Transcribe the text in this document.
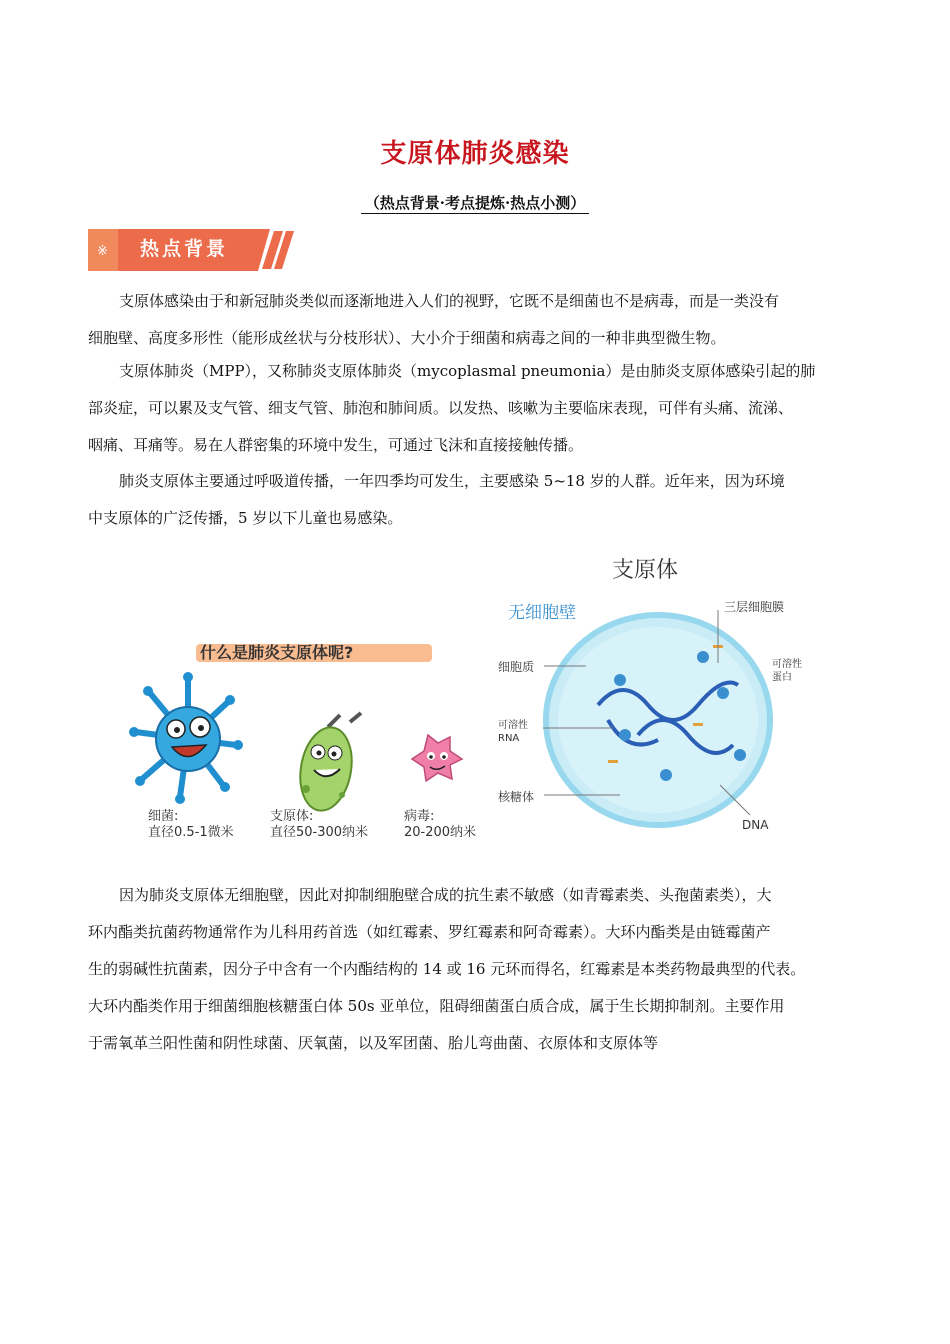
支原体肺炎感染
（热点背景·考点提炼·热点小测）
※ 热点背景
支原体感染由于和新冠肺炎类似而逐渐地进入人们的视野，它既不是细菌也不是病毒，而是一类没有
细胞壁、高度多形性（能形成丝状与分枝形状）、大小介于细菌和病毒之间的一种非典型微生物。
支原体肺炎（MPP），又称肺炎支原体肺炎（mycoplasmal pneumonia）是由肺炎支原体感染引起的肺
部炎症，可以累及支气管、细支气管、肺泡和肺间质。以发热、咳嗽为主要临床表现，可伴有头痛、流涕、
咽痛、耳痛等。易在人群密集的环境中发生，可通过飞沫和直接接触传播。
肺炎支原体主要通过呼吸道传播，一年四季均可发生，主要感染 5~18 岁的人群。近年来，因为环境
中支原体的广泛传播，5 岁以下儿童也易感染。
什么是肺炎支原体呢?
细菌:
直径0.5-1微米
支原体:
直径50-300纳米
病毒:
20-200纳米
支原体
无细胞壁	三层细胞膜
细胞质	可溶性
蛋白
可溶性
RNA
核糖体
DNA
因为肺炎支原体无细胞壁，因此对抑制细胞壁合成的抗生素不敏感（如青霉素类、头孢菌素类），大
环内酯类抗菌药物通常作为儿科用药首选（如红霉素、罗红霉素和阿奇霉素）。大环内酯类是由链霉菌产
生的弱碱性抗菌素，因分子中含有一个内酯结构的 14 或 16 元环而得名，红霉素是本类药物最典型的代表。
大环内酯类作用于细菌细胞核糖蛋白体 50s 亚单位，阻碍细菌蛋白质合成，属于生长期抑制剂。主要作用
于需氧革兰阳性菌和阴性球菌、厌氧菌，以及军团菌、胎儿弯曲菌、衣原体和支原体等
